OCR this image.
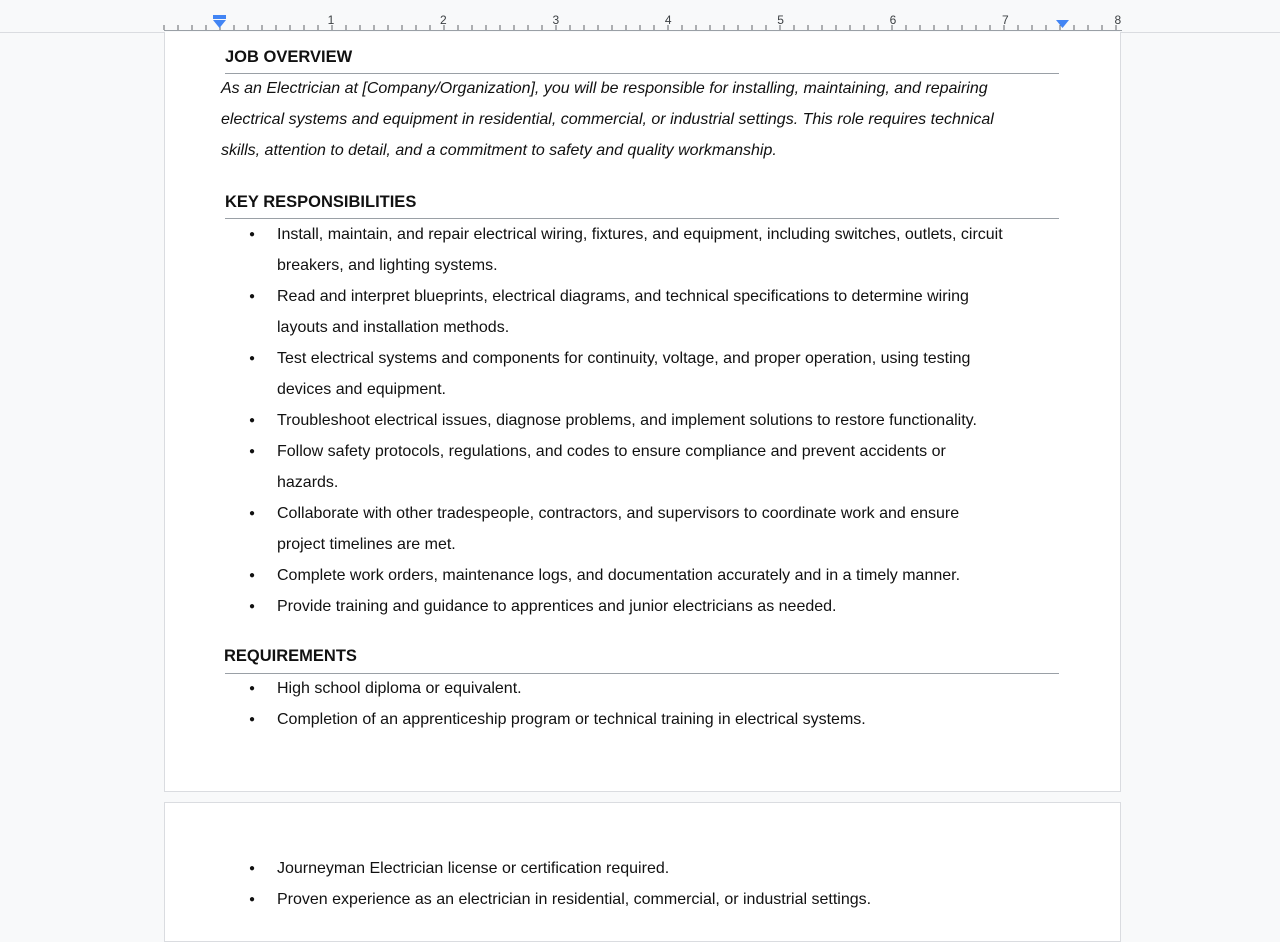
1	2	3	4	5	6	7	8
JOB OVERVIEW
As an Electrician at [Company/Organization], you will be responsible for installing, maintaining, and repairing
electrical systems and equipment in residential, commercial, or industrial settings. This role requires technical
skills, attention to detail, and a commitment to safety and quality workmanship.
KEY RESPONSIBILITIES
● Install, maintain, and repair electrical wiring, fixtures, and equipment, including switches, outlets, circuit
breakers, and lighting systems.
● Read and interpret blueprints, electrical diagrams, and technical specifications to determine wiring
layouts and installation methods.
● Test electrical systems and components for continuity, voltage, and proper operation, using testing
devices and equipment.
● Troubleshoot electrical issues, diagnose problems, and implement solutions to restore functionality.
● Follow safety protocols, regulations, and codes to ensure compliance and prevent accidents or
hazards.
● Collaborate with other tradespeople, contractors, and supervisors to coordinate work and ensure
project timelines are met.
● Complete work orders, maintenance logs, and documentation accurately and in a timely manner.
● Provide training and guidance to apprentices and junior electricians as needed.
REQUIREMENTS
● High school diploma or equivalent.
● Completion of an apprenticeship program or technical training in electrical systems.
● Journeyman Electrician license or certification required.
● Proven experience as an electrician in residential, commercial, or industrial settings.
